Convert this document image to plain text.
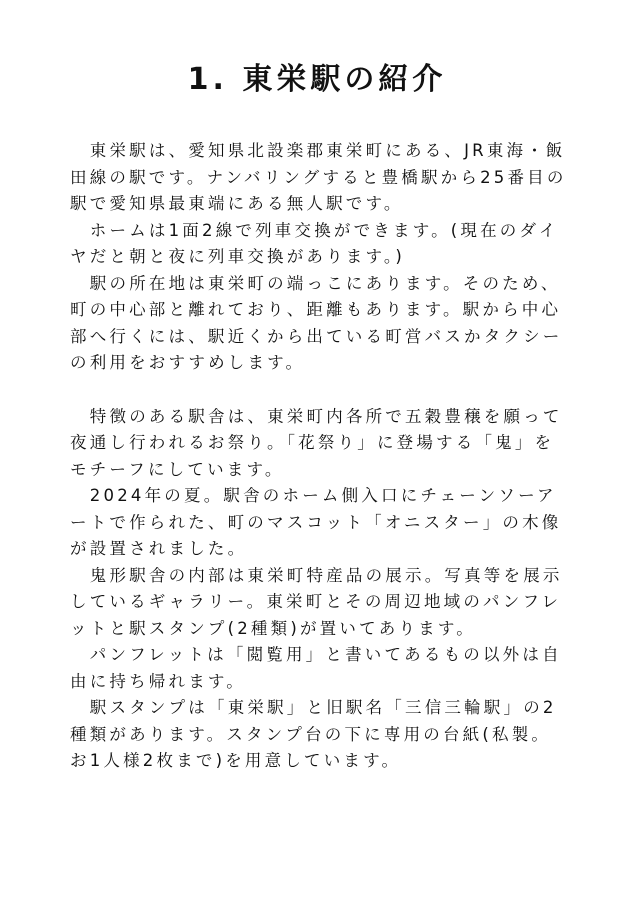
1. 東栄駅の紹介

東栄駅は、愛知県北設楽郡東栄町にある、JR東海・飯田線の駅です。ナンバリングすると豊橋駅から25番目の駅で愛知県最東端にある無人駅です。

ホームは1面2線で列車交換ができます。(現在のダイヤだと朝と夜に列車交換があります。)

駅の所在地は東栄町の端っこにあります。そのため、町の中心部と離れており、距離もあります。駅から中心部へ行くには、駅近くから出ている町営バスかタクシーの利用をおすすめします。

特徴のある駅舎は、東栄町内各所で五穀豊穣を願って夜通し行われるお祭り。「花祭り」に登場する「鬼」をモチーフにしています。

2024年の夏。駅舎のホーム側入口にチェーンソーアートで作られた、町のマスコット「オニスター」の木像が設置されました。

鬼形駅舎の内部は東栄町特産品の展示。写真等を展示しているギャラリー。東栄町とその周辺地域のパンフレットと駅スタンプ(2種類)が置いてあります。

パンフレットは「閲覧用」と書いてあるもの以外は自由に持ち帰れます。

駅スタンプは「東栄駅」と旧駅名「三信三輪駅」の2種類があります。スタンプ台の下に専用の台紙(私製。お1人様2枚まで)を用意しています。
